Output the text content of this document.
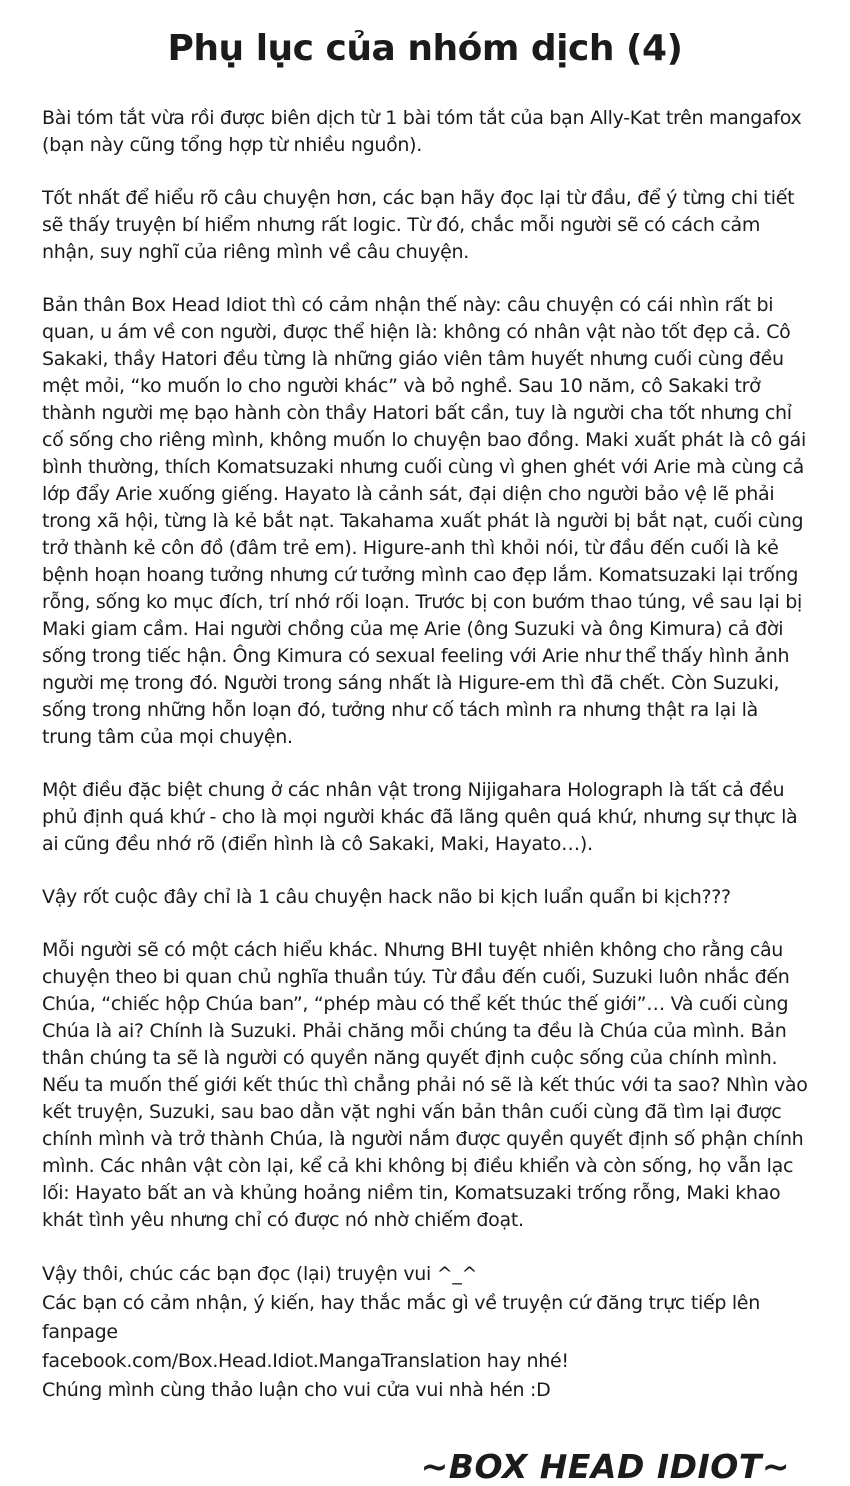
Phụ lục của nhóm dịch (4)

Bài tóm tắt vừa rồi được biên dịch từ 1 bài tóm tắt của bạn Ally-Kat trên mangafox (bạn này cũng tổng hợp từ nhiều nguồn).

Tốt nhất để hiểu rõ câu chuyện hơn, các bạn hãy đọc lại từ đầu, để ý từng chi tiết sẽ thấy truyện bí hiểm nhưng rất logic. Từ đó, chắc mỗi người sẽ có cách cảm nhận, suy nghĩ của riêng mình về câu chuyện.

Bản thân Box Head Idiot thì có cảm nhận thế này: câu chuyện có cái nhìn rất bi quan, u ám về con người, được thể hiện là: không có nhân vật nào tốt đẹp cả. Cô Sakaki, thầy Hatori đều từng là những giáo viên tâm huyết nhưng cuối cùng đều mệt mỏi, “ko muốn lo cho người khác” và bỏ nghề. Sau 10 năm, cô Sakaki trở thành người mẹ bạo hành còn thầy Hatori bất cần, tuy là người cha tốt nhưng chỉ cố sống cho riêng mình, không muốn lo chuyện bao đồng. Maki xuất phát là cô gái bình thường, thích Komatsuzaki nhưng cuối cùng vì ghen ghét với Arie mà cùng cả lớp đẩy Arie xuống giếng. Hayato là cảnh sát, đại diện cho người bảo vệ lẽ phải trong xã hội, từng là kẻ bắt nạt. Takahama xuất phát là người bị bắt nạt, cuối cùng trở thành kẻ côn đồ (đâm trẻ em). Higure-anh thì khỏi nói, từ đầu đến cuối là kẻ bệnh hoạn hoang tưởng nhưng cứ tưởng mình cao đẹp lắm. Komatsuzaki lại trống rỗng, sống ko mục đích, trí nhớ rối loạn. Trước bị con bướm thao túng, về sau lại bị Maki giam cầm. Hai người chồng của mẹ Arie (ông Suzuki và ông Kimura) cả đời sống trong tiếc hận. Ông Kimura có sexual feeling với Arie như thể thấy hình ảnh người mẹ trong đó. Người trong sáng nhất là Higure-em thì đã chết. Còn Suzuki, sống trong những hỗn loạn đó, tưởng như cố tách mình ra nhưng thật ra lại là trung tâm của mọi chuyện.

Một điều đặc biệt chung ở các nhân vật trong Nijigahara Holograph là tất cả đều phủ định quá khứ - cho là mọi người khác đã lãng quên quá khứ, nhưng sự thực là ai cũng đều nhớ rõ (điển hình là cô Sakaki, Maki, Hayato…).

Vậy rốt cuộc đây chỉ là 1 câu chuyện hack não bi kịch luẩn quẩn bi kịch???

Mỗi người sẽ có một cách hiểu khác. Nhưng BHI tuyệt nhiên không cho rằng câu chuyện theo bi quan chủ nghĩa thuần túy. Từ đầu đến cuối, Suzuki luôn nhắc đến Chúa, “chiếc hộp Chúa ban”, “phép màu có thể kết thúc thế giới”… Và cuối cùng Chúa là ai? Chính là Suzuki. Phải chăng mỗi chúng ta đều là Chúa của mình. Bản thân chúng ta sẽ là người có quyền năng quyết định cuộc sống của chính mình. Nếu ta muốn thế giới kết thúc thì chẳng phải nó sẽ là kết thúc với ta sao? Nhìn vào kết truyện, Suzuki, sau bao dằn vặt nghi vấn bản thân cuối cùng đã tìm lại được chính mình và trở thành Chúa, là người nắm được quyền quyết định số phận chính mình. Các nhân vật còn lại, kể cả khi không bị điều khiển và còn sống, họ vẫn lạc lối: Hayato bất an và khủng hoảng niềm tin, Komatsuzaki trống rỗng, Maki khao khát tình yêu nhưng chỉ có được nó nhờ chiếm đoạt.

Vậy thôi, chúc các bạn đọc (lại) truyện vui ^_^

Các bạn có cảm nhận, ý kiến, hay thắc mắc gì về truyện cứ đăng trực tiếp lên fanpage

facebook.com/Box.Head.Idiot.MangaTranslation hay nhé!

Chúng mình cùng thảo luận cho vui cửa vui nhà hén :D

~BOX HEAD IDIOT~
